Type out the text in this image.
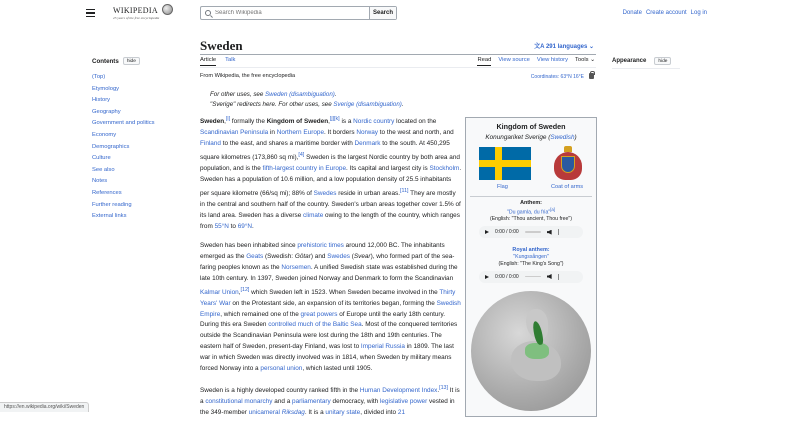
WIKIPEDIA
25 years of the free encyclopedia
Search Wikipedia
Search	Donate Create account Log in
Contents	hide
(Top)
Etymology
History
Geography
Government and politics
Economy
Demographics
Culture
See also
Notes
References
Further reading
External links
Sweden	文A 291 languages ⌄
Article Talk	Read View source View history Tools ⌄	Appearance	hide
From Wikipedia, the free encyclopedia	Coordinates: 63°N 16°E
For other uses, see Sweden (disambiguation).
"Sverige" redirects here. For other uses, see Sverige (disambiguation).

Sweden,[i] formally the Kingdom of Sweden,[j][k] is a Nordic country located on the Scandinavian Peninsula in Northern Europe. It borders Norway to the west and north, and Finland to the east, and shares a maritime border with Denmark to the south. At 450,295 square kilometres (173,860 sq mi),[4] Sweden is the largest Nordic country by both area and population, and is the fifth-largest country in Europe. Its capital and largest city is Stockholm. Sweden has a population of 10.6 million, and a low population density of 25.5 inhabitants per square kilometre (66/sq mi); 88% of Swedes reside in urban areas.[11] They are mostly in the central and southern half of the country. Sweden's urban areas together cover 1.5% of its land area. Sweden has a diverse climate owing to the length of the country, which ranges from 55°N to 69°N.

Sweden has been inhabited since prehistoric times around 12,000 BC. The inhabitants emerged as the Geats (Swedish: Götar) and Swedes (Svear), who formed part of the sea-faring peoples known as the Norsemen. A unified Swedish state was established during the late 10th century. In 1397, Sweden joined Norway and Denmark to form the Scandinavian Kalmar Union,[12] which Sweden left in 1523. When Sweden became involved in the Thirty Years' War on the Protestant side, an expansion of its territories began, forming the Swedish Empire, which remained one of the great powers of Europe until the early 18th century. During this era Sweden controlled much of the Baltic Sea. Most of the conquered territories outside the Scandinavian Peninsula were lost during the 18th and 19th centuries. The eastern half of Sweden, present-day Finland, was lost to Imperial Russia in 1809. The last war in which Sweden was directly involved was in 1814, when Sweden by military means forced Norway into a personal union, which lasted until 1905.

Sweden is a highly developed country ranked fifth in the Human Development Index.[13] It is a constitutional monarchy and a parliamentary democracy, with legislative power vested in the 349-member unicameral Riksdag. It is a unitary state, divided into 21

Kingdom of Sweden
Konungariket Sverige (Swedish)
Flag	Coat of arms
Anthem:
"Du gamla, du fria"[a]
(English: "Thou ancient, Thou free")
0:00 / 0:00
Royal anthem:
"Kungssången"
(English: "The King's Song")
0:00 / 0:00
https://en.wikipedia.org/wiki/Sweden
